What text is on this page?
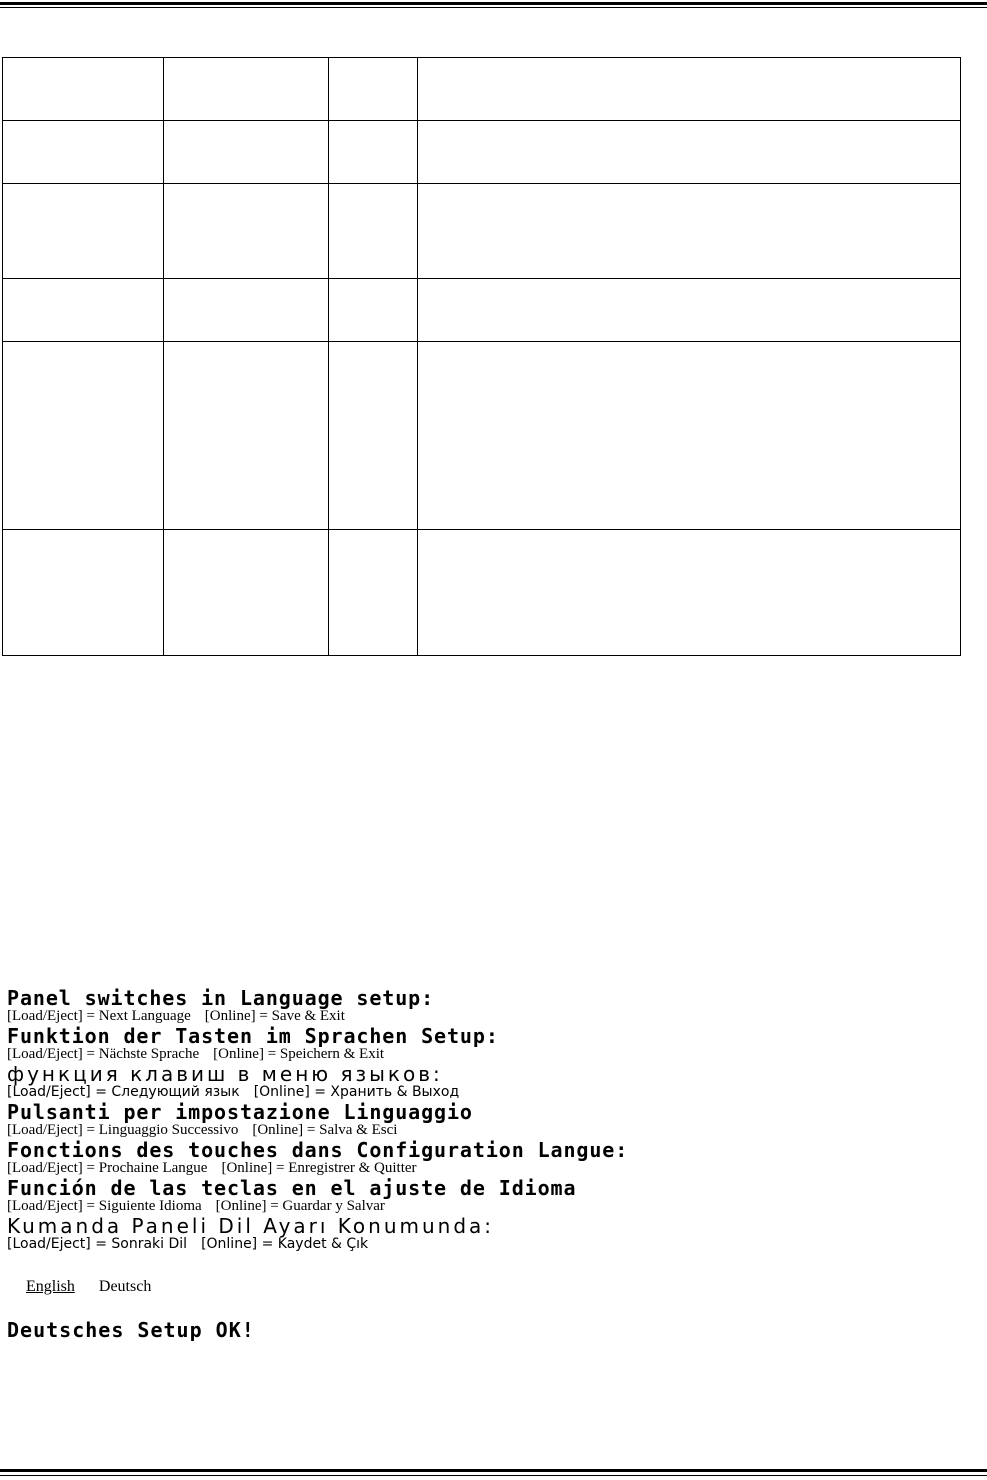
Panel switches in Language setup:
[Load/Eject] = Next Language [Online] = Save & Exit
Funktion der Tasten im Sprachen Setup:
[Load/Eject] = Nächste Sprache [Online] = Speichern & Exit
функция клавиш в меню языков:
[Load/Eject] = Следующий язык [Online] = Хранить & Выход
Pulsanti per impostazione Linguaggio
[Load/Eject] = Linguaggio Successivo [Online] = Salva & Esci
Fonctions des touches dans Configuration Langue:
[Load/Eject] = Prochaine Langue [Online] = Enregistrer & Quitter
Función de las teclas en el ajuste de Idioma
[Load/Eject] = Siguiente Idioma [Online] = Guardar y Salvar
Kumanda Paneli Dil Ayarı Konumunda:
[Load/Eject] = Sonraki Dil [Online] = Kaydet & Çık
English Deutsch
Deutsches Setup OK!
